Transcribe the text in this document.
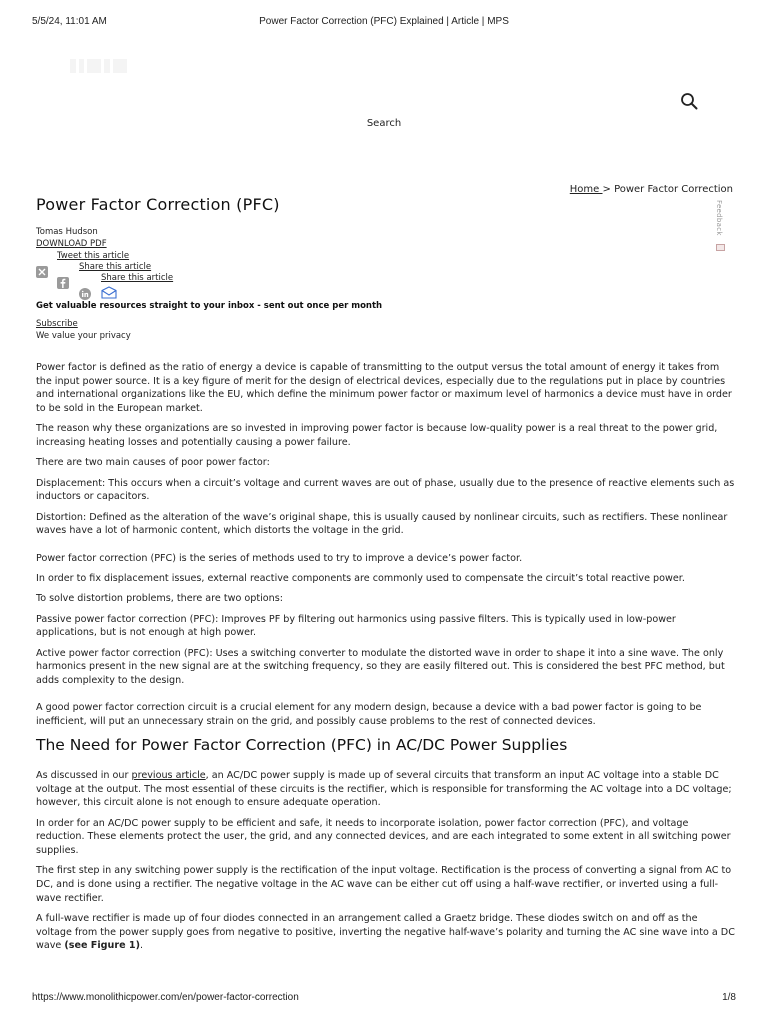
5/5/24, 11:01 AM	Power Factor Correction (PFC) Explained | Article | MPS
Search
Home > Power Factor Correction
Feedback
Power Factor Correction (PFC)
Tomas Hudson
DOWNLOAD PDF
Tweet this article
Share this article
Share this article
Get valuable resources straight to your inbox - sent out once per month
Subscribe
We value your privacy

Power factor is defined as the ratio of energy a device is capable of transmitting to the output versus the total amount of energy it takes from the input power source. It is a key figure of merit for the design of electrical devices, especially due to the regulations put in place by countries and international organizations like the EU, which define the minimum power factor or maximum level of harmonics a device must have in order to be sold in the European market.

The reason why these organizations are so invested in improving power factor is because low-quality power is a real threat to the power grid, increasing heating losses and potentially causing a power failure.

There are two main causes of poor power factor:

Displacement: This occurs when a circuit’s voltage and current waves are out of phase, usually due to the presence of reactive elements such as inductors or capacitors.

Distortion: Defined as the alteration of the wave’s original shape, this is usually caused by nonlinear circuits, such as rectifiers. These nonlinear waves have a lot of harmonic content, which distorts the voltage in the grid.

Power factor correction (PFC) is the series of methods used to try to improve a device’s power factor.

In order to fix displacement issues, external reactive components are commonly used to compensate the circuit’s total reactive power.

To solve distortion problems, there are two options:

Passive power factor correction (PFC): Improves PF by filtering out harmonics using passive filters. This is typically used in low-power applications, but is not enough at high power.

Active power factor correction (PFC): Uses a switching converter to modulate the distorted wave in order to shape it into a sine wave. The only harmonics present in the new signal are at the switching frequency, so they are easily filtered out. This is considered the best PFC method, but adds complexity to the design.

A good power factor correction circuit is a crucial element for any modern design, because a device with a bad power factor is going to be inefficient, will put an unnecessary strain on the grid, and possibly cause problems to the rest of connected devices.

The Need for Power Factor Correction (PFC) in AC/DC Power Supplies

As discussed in our previous article, an AC/DC power supply is made up of several circuits that transform an input AC voltage into a stable DC voltage at the output. The most essential of these circuits is the rectifier, which is responsible for transforming the AC voltage into a DC voltage; however, this circuit alone is not enough to ensure adequate operation.

In order for an AC/DC power supply to be efficient and safe, it needs to incorporate isolation, power factor correction (PFC), and voltage reduction. These elements protect the user, the grid, and any connected devices, and are each integrated to some extent in all switching power supplies.

The first step in any switching power supply is the rectification of the input voltage. Rectification is the process of converting a signal from AC to DC, and is done using a rectifier. The negative voltage in the AC wave can be either cut off using a half-wave rectifier, or inverted using a full-wave rectifier.

A full-wave rectifier is made up of four diodes connected in an arrangement called a Graetz bridge. These diodes switch on and off as the voltage from the power supply goes from negative to positive, inverting the negative half-wave’s polarity and turning the AC sine wave into a DC wave (see Figure 1).

https://www.monolithicpower.com/en/power-factor-correction	1/8
